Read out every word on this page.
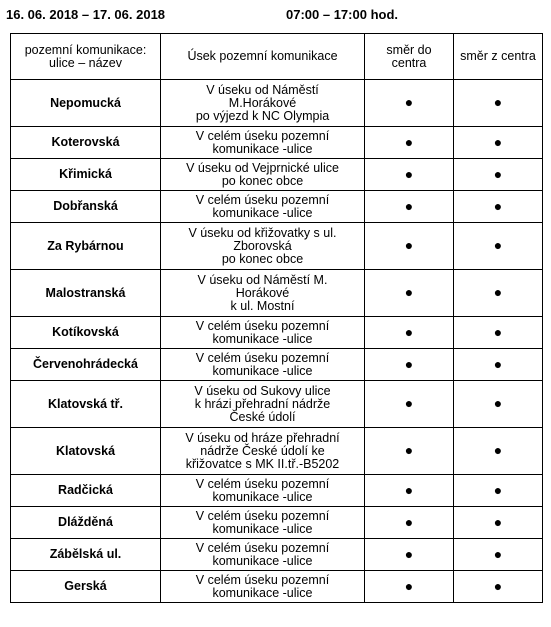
16. 06. 2018 – 17. 06. 2018	07:00 – 17:00 hod.
pozemní komunikace: ulice – název	Úsek pozemní komunikace	směr do centra	směr z centra
Nepomucká	V úseku od Náměstí
M.Horákové
po výjezd k NC Olympia	●	●
Koterovská	V celém úseku pozemní
komunikace -ulice	●	●
Křimická	V úseku od Vejprnické ulice
po konec obce	●	●
Dobřanská	V celém úseku pozemní
komunikace -ulice	●	●
Za Rybárnou	V úseku od křižovatky s ul.
Zborovská
po konec obce	●	●
Malostranská	V úseku od Náměstí M.
Horákové
k ul. Mostní	●	●
Kotíkovská	V celém úseku pozemní
komunikace -ulice	●	●
Červenohrádecká	V celém úseku pozemní
komunikace -ulice	●	●
Klatovská tř.	V úseku od Sukovy ulice
k hrázi přehradní nádrže
České údolí	●	●
Klatovská	V úseku od hráze přehradní
nádrže České údolí ke
křižovatce s MK II.tř.-B5202	●	●
Radčická	V celém úseku pozemní
komunikace -ulice	●	●
Dlážděná	V celém úseku pozemní
komunikace -ulice	●	●
Zábělská ul.	V celém úseku pozemní
komunikace -ulice	●	●
Gerská	V celém úseku pozemní
komunikace -ulice	●	●
